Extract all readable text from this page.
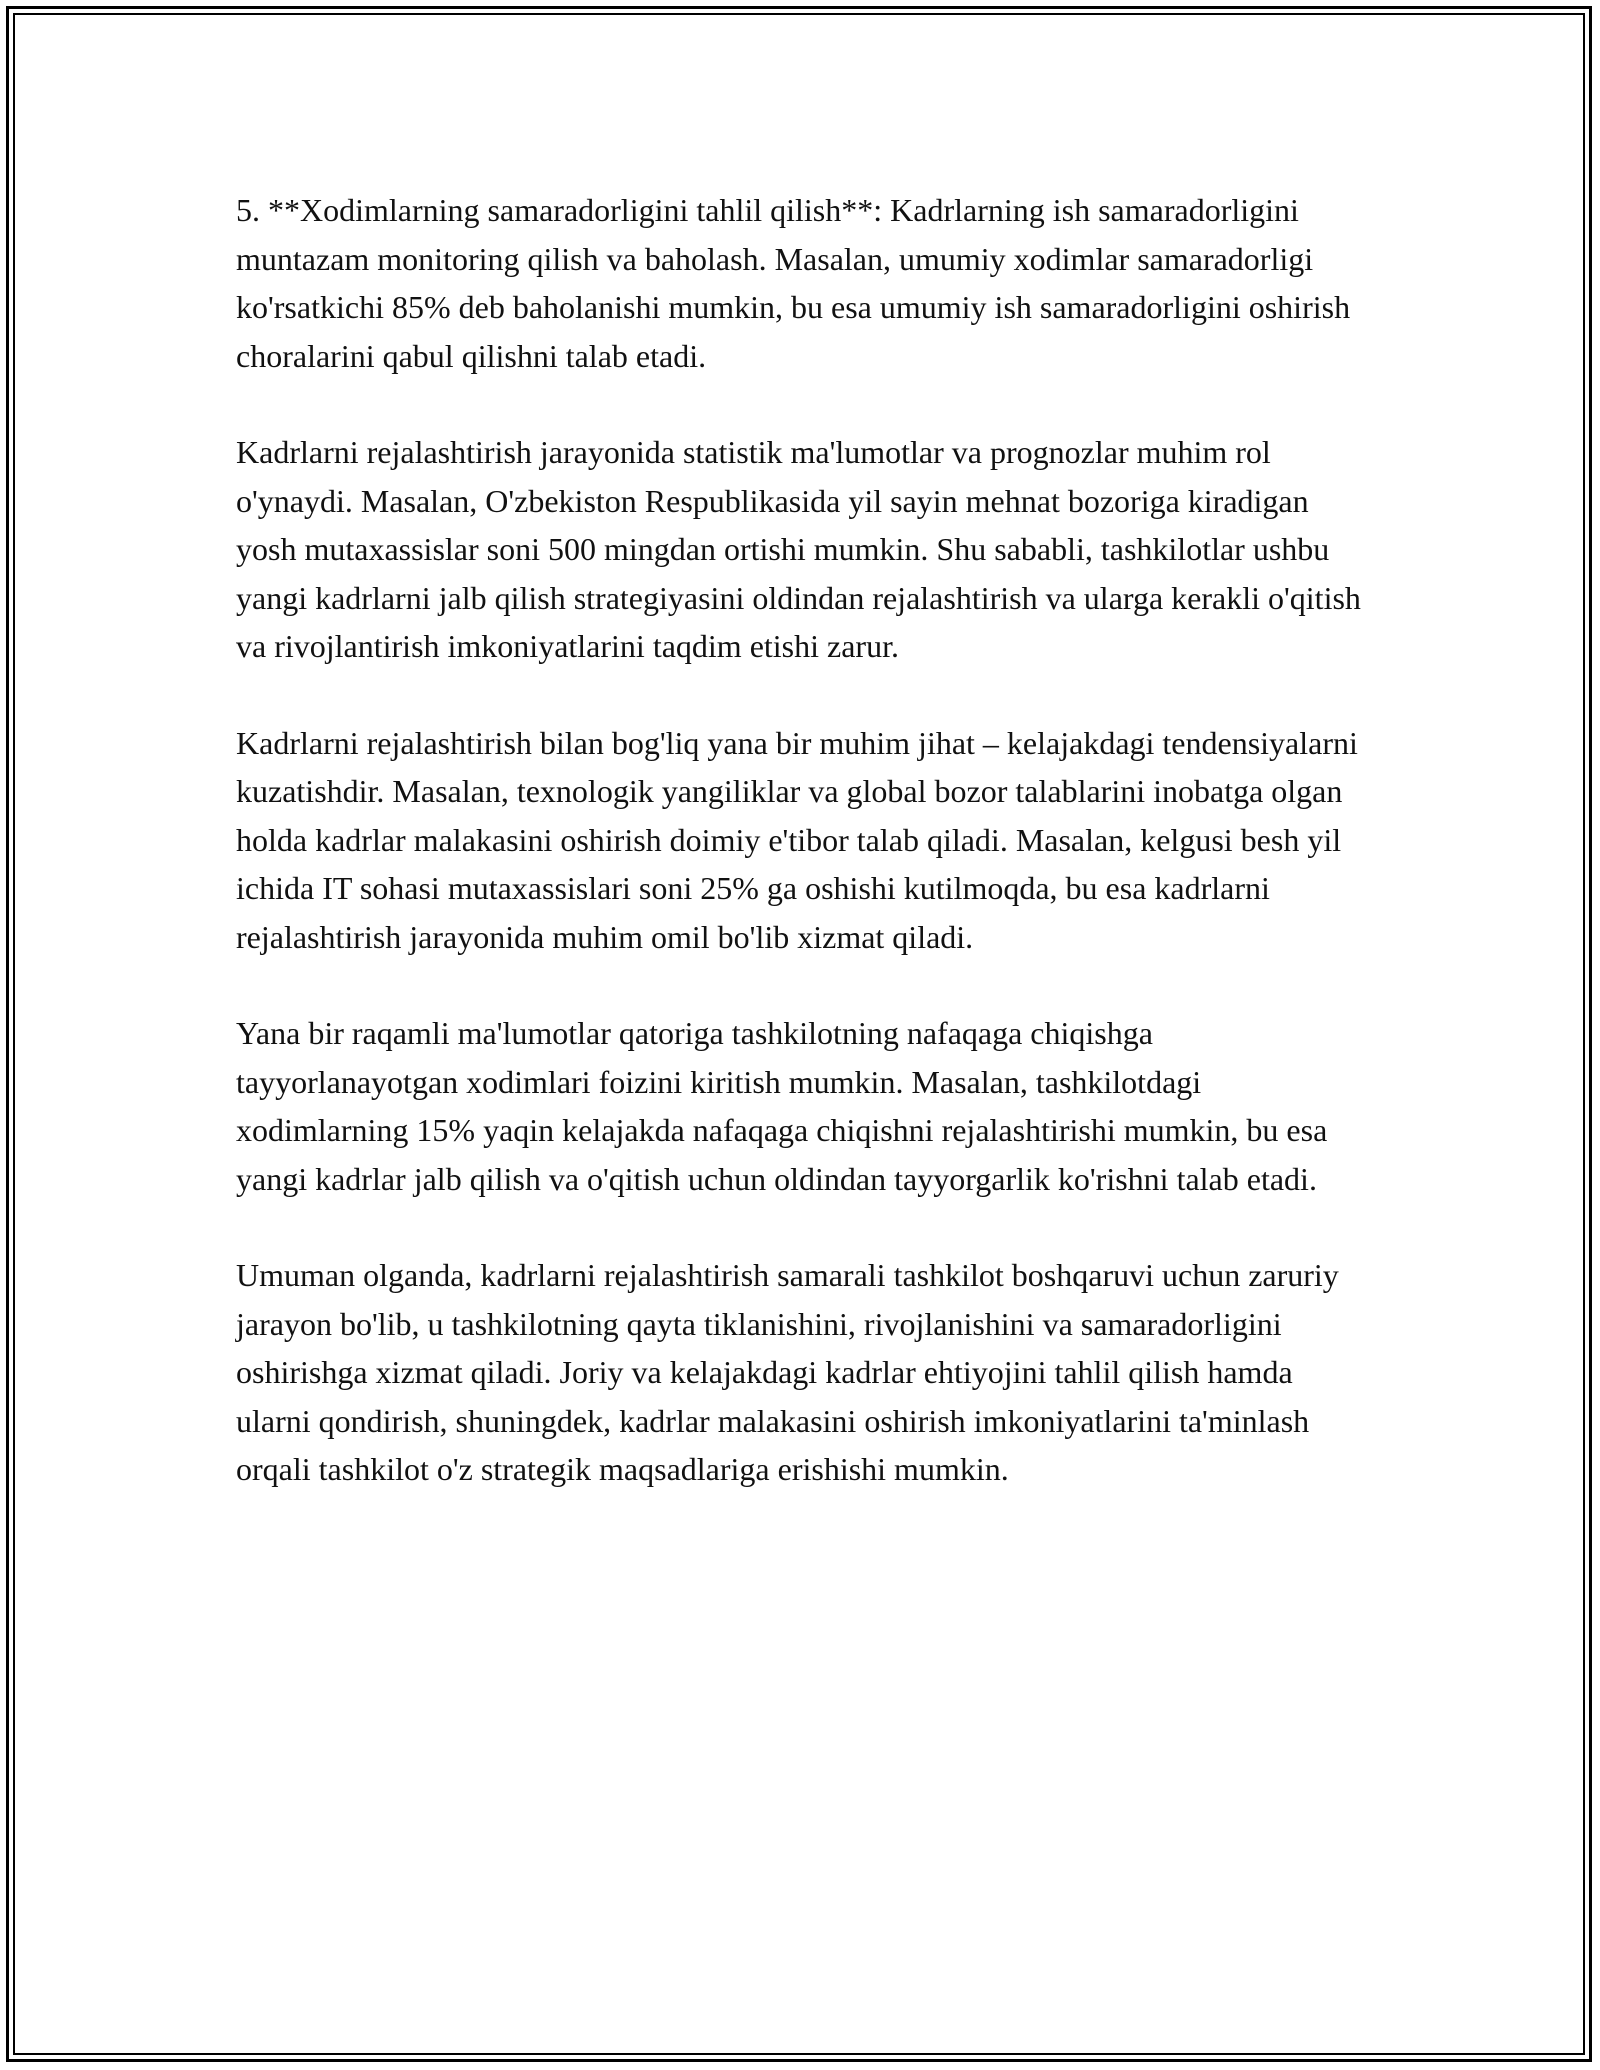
5. **Xodimlarning samaradorligini tahlil qilish**: Kadrlarning ish samaradorligini muntazam monitoring qilish va baholash. Masalan, umumiy xodimlar samaradorligi ko'rsatkichi 85% deb baholanishi mumkin, bu esa umumiy ish samaradorligini oshirish choralarini qabul qilishni talab etadi.

Kadrlarni rejalashtirish jarayonida statistik ma'lumotlar va prognozlar muhim rol o'ynaydi. Masalan, O'zbekiston Respublikasida yil sayin mehnat bozoriga kiradigan yosh mutaxassislar soni 500 mingdan ortishi mumkin. Shu sababli, tashkilotlar ushbu yangi kadrlarni jalb qilish strategiyasini oldindan rejalashtirish va ularga kerakli o'qitish va rivojlantirish imkoniyatlarini taqdim etishi zarur.

Kadrlarni rejalashtirish bilan bog'liq yana bir muhim jihat – kelajakdagi tendensiyalarni kuzatishdir. Masalan, texnologik yangiliklar va global bozor talablarini inobatga olgan holda kadrlar malakasini oshirish doimiy e'tibor talab qiladi. Masalan, kelgusi besh yil ichida IT sohasi mutaxassislari soni 25% ga oshishi kutilmoqda, bu esa kadrlarni rejalashtirish jarayonida muhim omil bo'lib xizmat qiladi.

Yana bir raqamli ma'lumotlar qatoriga tashkilotning nafaqaga chiqishga tayyorlanayotgan xodimlari foizini kiritish mumkin. Masalan, tashkilotdagi xodimlarning 15% yaqin kelajakda nafaqaga chiqishni rejalashtirishi mumkin, bu esa yangi kadrlar jalb qilish va o'qitish uchun oldindan tayyorgarlik ko'rishni talab etadi.

Umuman olganda, kadrlarni rejalashtirish samarali tashkilot boshqaruvi uchun zaruriy jarayon bo'lib, u tashkilotning qayta tiklanishini, rivojlanishini va samaradorligini oshirishga xizmat qiladi. Joriy va kelajakdagi kadrlar ehtiyojini tahlil qilish hamda ularni qondirish, shuningdek, kadrlar malakasini oshirish imkoniyatlarini ta'minlash orqali tashkilot o'z strategik maqsadlariga erishishi mumkin.
